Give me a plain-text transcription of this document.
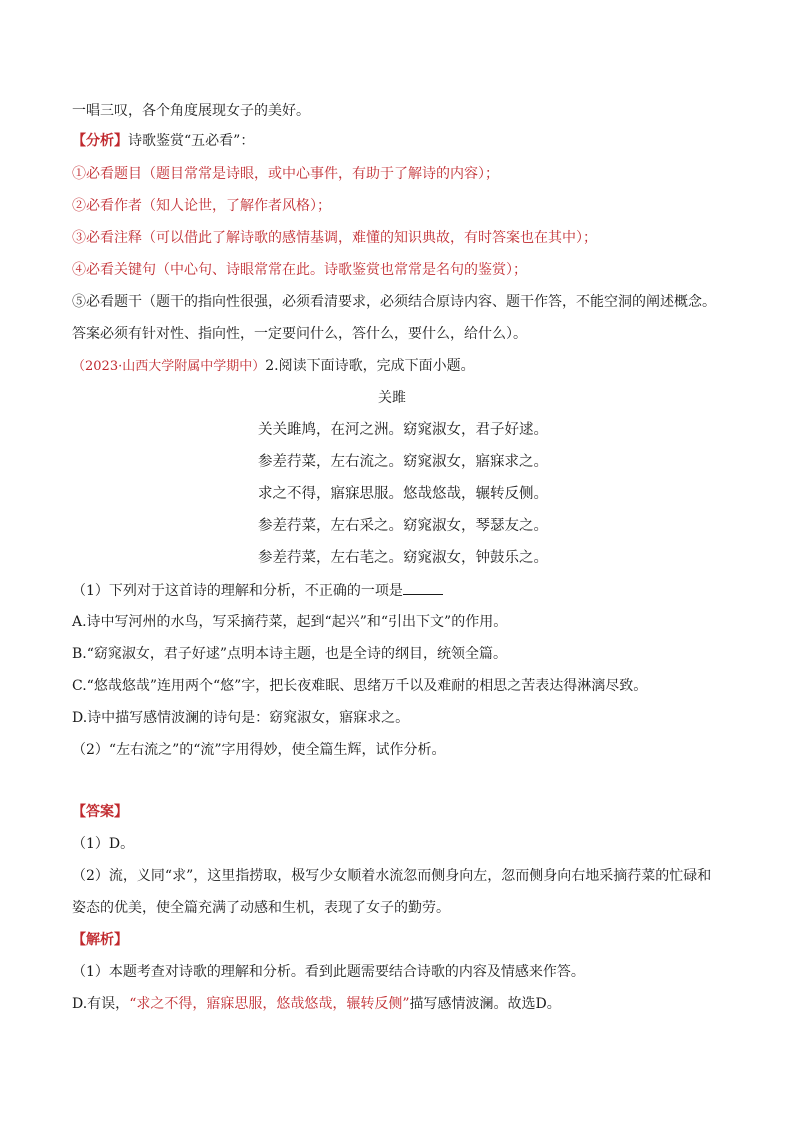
一唱三叹，各个角度展现女子的美好。
【分析】诗歌鉴赏“五必看”：
①必看题目（题目常常是诗眼，或中心事件，有助于了解诗的内容）；
②必看作者（知人论世，了解作者风格）；
③必看注释（可以借此了解诗歌的感情基调，难懂的知识典故，有时答案也在其中）；
④必看关键句（中心句、诗眼常常在此。诗歌鉴赏也常常是名句的鉴赏）；
⑤必看题干（题干的指向性很强，必须看清要求，必须结合原诗内容、题干作答，不能空洞的阐述概念。
答案必须有针对性、指向性，一定要问什么，答什么，要什么，给什么）。
（2023·山西大学附属中学期中）2.阅读下面诗歌，完成下面小题。
关雎
关关雎鸠，在河之洲。窈窕淑女，君子好逑。
参差荇菜，左右流之。窈窕淑女，寤寐求之。
求之不得，寤寐思服。悠哉悠哉，辗转反侧。
参差荇菜，左右采之。窈窕淑女，琴瑟友之。
参差荇菜，左右芼之。窈窕淑女，钟鼓乐之。
（1）下列对于这首诗的理解和分析，不正确的一项是
A.诗中写河州的水鸟，写采摘荇菜，起到“起兴”和“引出下文”的作用。
B.“窈窕淑女，君子好逑”点明本诗主题，也是全诗的纲目，统领全篇。
C.“悠哉悠哉”连用两个“悠”字，把长夜难眠、思绪万千以及难耐的相思之苦表达得淋漓尽致。
D.诗中描写感情波澜的诗句是：窈窕淑女，寤寐求之。
（2）“左右流之”的“流”字用得妙，使全篇生辉，试作分析。
【答案】
（1）D。
（2）流，义同“求”，这里指捞取，极写少女顺着水流忽而侧身向左，忽而侧身向右地采摘荇菜的忙碌和
姿态的优美，使全篇充满了动感和生机，表现了女子的勤劳。
【解析】
（1）本题考查对诗歌的理解和分析。看到此题需要结合诗歌的内容及情感来作答。
D.有误，“求之不得，寤寐思服，悠哉悠哉，辗转反侧”描写感情波澜。故选D。
